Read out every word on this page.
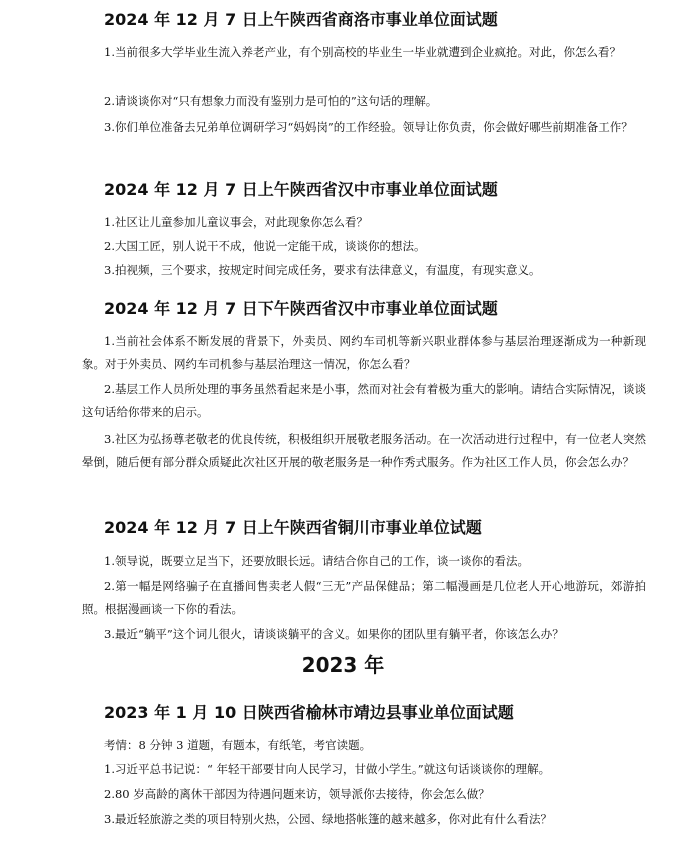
2024 年 12 月 7 日上午陕西省商洛市事业单位面试题

1.当前很多大学毕业生流入养老产业，有个别高校的毕业生一毕业就遭到企业疯抢。对此，你怎么看？

2.请谈谈你对“只有想象力而没有鉴别力是可怕的”这句话的理解。

3.你们单位准备去兄弟单位调研学习“妈妈岗”的工作经验。领导让你负责，你会做好哪些前期准备工作？

2024 年 12 月 7 日上午陕西省汉中市事业单位面试题

1.社区让儿童参加儿童议事会，对此现象你怎么看？

2.大国工匠，别人说干不成，他说一定能干成，谈谈你的想法。

3.拍视频，三个要求，按规定时间完成任务，要求有法律意义，有温度，有现实意义。

2024 年 12 月 7 日下午陕西省汉中市事业单位面试题

1.当前社会体系不断发展的背景下，外卖员、网约车司机等新兴职业群体参与基层治理逐渐成为一种新现象。对于外卖员、网约车司机参与基层治理这一情况，你怎么看？

2.基层工作人员所处理的事务虽然看起来是小事，然而对社会有着极为重大的影响。请结合实际情况，谈谈这句话给你带来的启示。

3.社区为弘扬尊老敬老的优良传统，积极组织开展敬老服务活动。在一次活动进行过程中，有一位老人突然晕倒，随后便有部分群众质疑此次社区开展的敬老服务是一种作秀式服务。作为社区工作人员，你会怎么办？

2024 年 12 月 7 日上午陕西省铜川市事业单位试题

1.领导说，既要立足当下，还要放眼长远。请结合你自己的工作，谈一谈你的看法。

2.第一幅是网络骗子在直播间售卖老人假“三无”产品保健品；第二幅漫画是几位老人开心地游玩，郊游拍照。根据漫画谈一下你的看法。

3.最近“躺平”这个词儿很火，请谈谈躺平的含义。如果你的团队里有躺平者，你该怎么办？

2023 年
2023 年 1 月 10 日陕西省榆林市靖边县事业单位面试题

考情：8 分钟 3 道题，有题本，有纸笔，考官读题。

1.习近平总书记说：“ 年轻干部要甘向人民学习，甘做小学生。”就这句话谈谈你的理解。

2.80 岁高龄的离休干部因为待遇问题来访，领导派你去接待，你会怎么做？

3.最近轻旅游之类的项目特别火热，公园、绿地搭帐篷的越来越多，你对此有什么看法？
